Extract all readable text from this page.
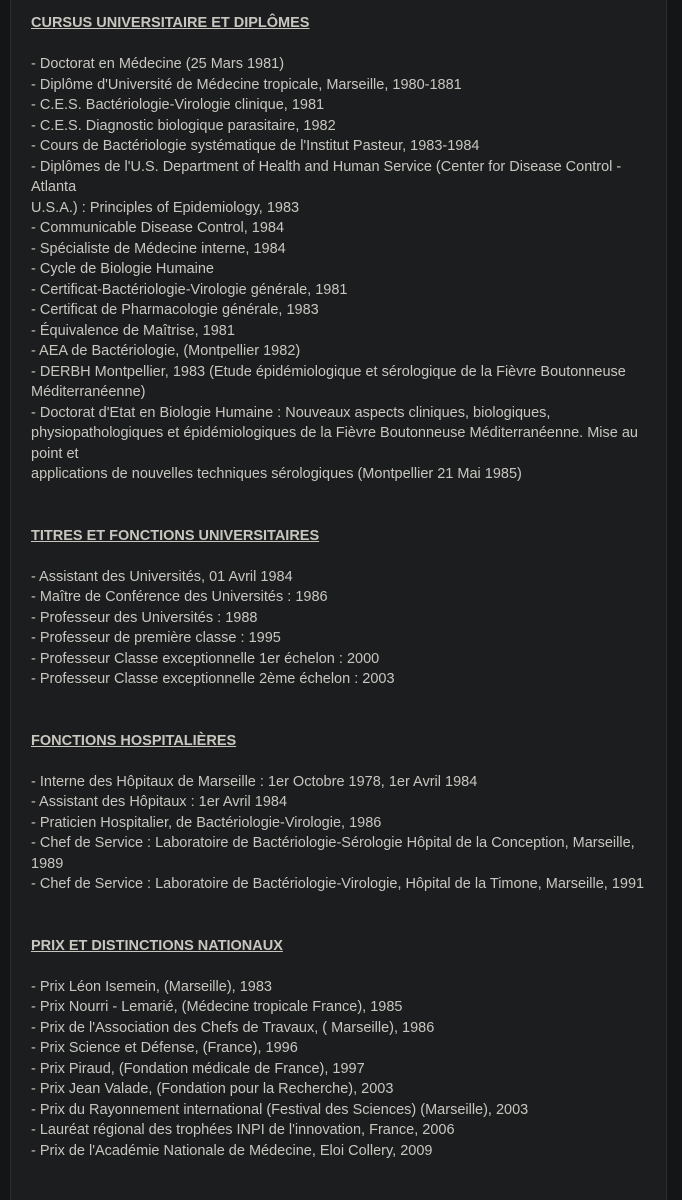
CURSUS UNIVERSITAIRE ET DIPLÔMES
- Doctorat en Médecine (25 Mars 1981)
- Diplôme d'Université de Médecine tropicale, Marseille, 1980-1881
- C.E.S. Bactériologie-Virologie clinique, 1981
- C.E.S. Diagnostic biologique parasitaire, 1982
- Cours de Bactériologie systématique de l'Institut Pasteur, 1983-1984
- Diplômes de l'U.S. Department of Health and Human Service (Center for Disease Control - Atlanta
U.S.A.) : Principles of Epidemiology, 1983
- Communicable Disease Control, 1984
- Spécialiste de Médecine interne, 1984
- Cycle de Biologie Humaine
- Certificat-Bactériologie-Virologie générale, 1981
- Certificat de Pharmacologie générale, 1983
- Équivalence de Maîtrise, 1981
- AEA de Bactériologie, (Montpellier 1982)
- DERBH Montpellier, 1983 (Etude épidémiologique et sérologique de la Fièvre Boutonneuse Méditerranéenne)
- Doctorat d'Etat en Biologie Humaine : Nouveaux aspects cliniques, biologiques, physiopathologiques et épidémiologiques de la Fièvre Boutonneuse Méditerranéenne. Mise au point et
applications de nouvelles techniques sérologiques (Montpellier 21 Mai 1985)
TITRES ET FONCTIONS UNIVERSITAIRES
- Assistant des Universités, 01 Avril 1984
- Maître de Conférence des Universités : 1986
- Professeur des Universités : 1988
- Professeur de première classe : 1995
- Professeur Classe exceptionnelle 1er échelon : 2000
- Professeur Classe exceptionnelle 2ème échelon : 2003
FONCTIONS HOSPITALIÈRES
- Interne des Hôpitaux de Marseille : 1er Octobre 1978, 1er Avril 1984
- Assistant des Hôpitaux : 1er Avril 1984
- Praticien Hospitalier, de Bactériologie-Virologie, 1986
- Chef de Service : Laboratoire de Bactériologie-Sérologie Hôpital de la Conception, Marseille, 1989
- Chef de Service : Laboratoire de Bactériologie-Virologie, Hôpital de la Timone, Marseille, 1991
PRIX ET DISTINCTIONS NATIONAUX
- Prix Léon Isemein, (Marseille), 1983
- Prix Nourri - Lemarié, (Médecine tropicale France), 1985
- Prix de l'Association des Chefs de Travaux, ( Marseille), 1986
- Prix Science et Défense, (France), 1996
- Prix Piraud, (Fondation médicale de France), 1997
- Prix Jean Valade, (Fondation pour la Recherche), 2003
- Prix du Rayonnement international (Festival des Sciences) (Marseille), 2003
- Lauréat régional des trophées INPI de l'innovation, France, 2006
- Prix de l'Académie Nationale de Médecine, Eloi Collery, 2009
